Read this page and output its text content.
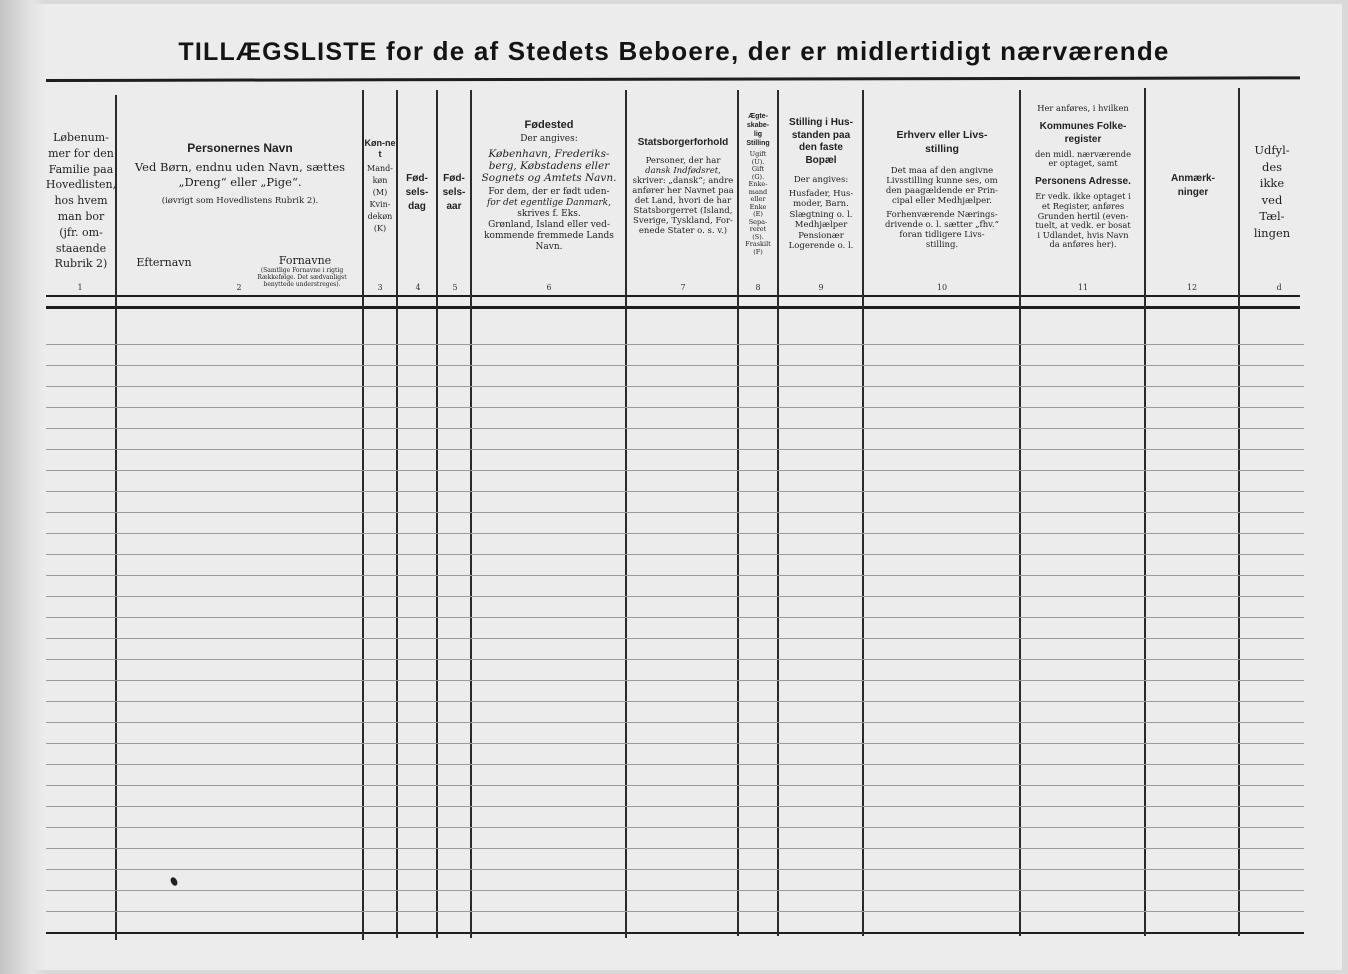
TILLÆGSLISTE for de af Stedets Beboere, der er midlertidigt nærværende
Løbenum-
mer for den
Familie paa
Hovedlisten,
hos hvem
man bor
(jfr. om-
staaende
Rubrik 2)
Personernes Navn
Ved Børn, endnu uden Navn, sættes
„Dreng“ eller „Pige“.
(iøvrigt som Hovedlistens Rubrik 2).
Efternavn	Fornavne
(Samtlige Fornavne i rigtig
Rækkefølge. Det sædvanligst
benyttede understreges).
Køn-net
Mand-
køn
(M)
Kvin-
dekøn
(K)
Fød-sels-dag
Fød-sels-aar
Fødested
Der angives:
København, Frederiks-
berg, Købstadens eller
Sognets og Amtets Navn.
For dem, der er født uden-
for det egentlige Danmark,
skrives f. Eks.
Grønland, Island eller ved-
kommende fremmede Lands
Navn.
Statsborgerforhold
Personer, der har
dansk Indfødsret,
skriver: „dansk“; andre
anfører her Navnet paa
det Land, hvori de har
Statsborgerret (Island,
Sverige, Tyskland, For-
enede Stater o. s. v.)
Ægte-skabe-lig Stilling
Ugift
(U).
Gift
(G).
Enke-
mand
eller
Enke
(E)
Sepa-
reret
(S).
Fraskilt
(F)
Stilling i Hus-standen paa den faste Bopæl
Der angives:
Husfader, Hus-
moder, Barn.
Slægtning o. l.
Medhjælper
Pensionær
Logerende o. l.
Erhverv eller Livs-stilling
Det maa af den angivne
Livsstilling kunne ses, om
den paagældende er Prin-
cipal eller Medhjælper.
Forhenværende Nærings-
drivende o. l. sætter „fhv.“
foran tidligere Livs-
stilling.
Her anføres, i hvilken
Kommunes Folke-register
den midl. nærværende
er optaget, samt
Personens Adresse.
Er vedk. ikke optaget i
et Register, anføres
Grunden hertil (even-
tuelt, at vedk. er bosat
i Udlandet, hvis Navn
da anføres her).
Anmærk-ninger
Udfyl-
des
ikke
ved
Tæl-
lingen
1	2	3	4	5	6	7	8	9	10	11	12	d
